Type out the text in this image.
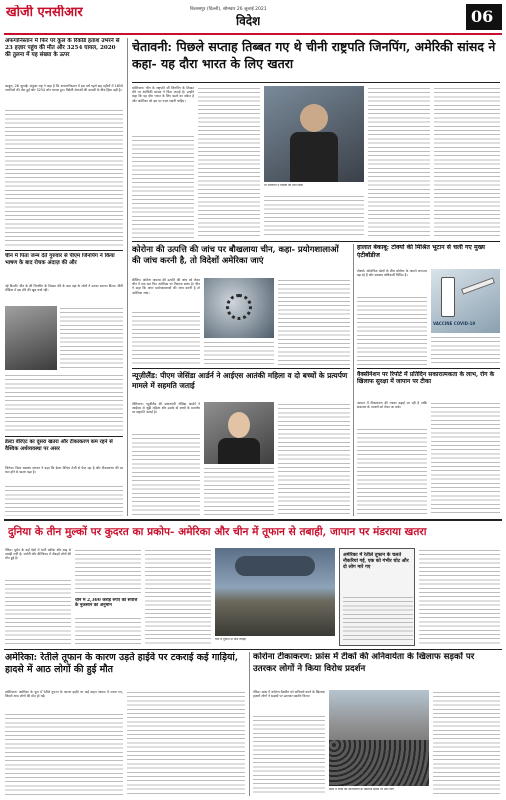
खोजी एनसीआर	बिलासपुर (दिल्ली), सोमवार 26 जुलाई 2021
विदेश	06
अफगानिस्तान में फिर पर कुल के रिकॉर्ड हताश उभरने से 23 हज़ार पहुंच की मौत और 3254 घायल, 2020 की तुलना में यह संख्या के ऊपर
काबुल, 26 जुलाई। संयुक्त राष्ट्र ने कहा है कि अफगानिस्तान में इस वर्ष पहले छह महीनों में 1659 नागरिकों की मौत हुई और 3254 लोग घायल हुए। विदेशी सेनाओं की वापसी के बीच हिंसा बढ़ी है।
चीन में पिता जन्म देते गुरुवार से पीएम जिनपिंग ने किया भाषण के बाद रोचक अंदाज़ की और
नई दिल्ली। चीन के शी जिनपिंग के तिब्बत दौरे के बाद वहां के लोगों ने उनका स्वागत किया। चीनी मीडिया में इस दौरे की खूब चर्चा रही।
डेल्टा वेरिएंट का दूसरा खतरा और टीकाकरण कम रहने से वैश्विक अर्थव्यवस्था पर असर
जिनेवा। विश्व स्वास्थ्य संगठन ने कहा कि डेल्टा वेरिएंट तेज़ी से फैल रहा है और टीकाकरण की दर कम होने से खतरा बढ़ा है।
चेतावनी: पिछले सप्ताह तिब्बत गए थे चीनी राष्ट्रपति जिनपिंग, अमेरिकी सांसद ने कहा- यह दौरा भारत के लिए खतरा
वाशिंगटन। चीन के राष्ट्रपति शी जिनपिंग के तिब्बत दौरे पर अमेरिकी सांसद ने चिंता जताई है। उन्होंने कहा कि यह दौरा भारत के लिए खतरे का संकेत है और अमेरिका को इस पर नज़र रखनी चाहिए।
शी जिनपिंग ने तिब्बत का दौरा किया
कोरोना की उत्पत्ति की जांच पर बौखलाया चीन, कहा- प्रयोगशालाओं की जांच करनी है, तो विदेशों अमेरिका जाएं
बीजिंग। कोरोना वायरस की उत्पत्ति की जांच को लेकर चीन ने एक बार फिर अमेरिका पर निशाना साधा है। चीन ने कहा कि अगर प्रयोगशालाओं की जांच करनी है तो अमेरिका जाएं।
हालात बेकाबू: टोक्यो की मिश्रित भूटान से चली गए मुख्य एंटीबॉडीज
टोक्यो। ओलंपिक खेलों के बीच कोरोना के मामले लगातार बढ़ रहे हैं और स्वास्थ्य अधिकारी चिंतित हैं।
VACCINE COVID-19
न्यूज़ीलैंड: पीएम जेसिंडा आर्डर्न ने आईएस आतंकी महिला व दो बच्चों के प्रत्यर्पण मामले में सहमति जताई
वेलिंगटन। न्यूज़ीलैंड की प्रधानमंत्री जेसिंडा आर्डर्न ने आईएस से जुड़ी महिला और उसके दो बच्चों के प्रत्यर्पण पर सहमति जताई है।
वैक्सीनेशन पर रिपोर्ट में प्रतिदिन सकारात्मकता के लाभ, रोग के खिलाफ सुरक्षा में जापान पर टीका
जापान में टीकाकरण की रफ्तार बढ़ाई जा रही है ताकि संक्रमण के मामलों को रोका जा सके।
दुनिया के तीन मुल्कों पर कुदरत का प्रकोप- अमेरिका और चीन में तूफान से तबाही, जापान पर मंडराया खतरा
पैरिस। यूरोप के कई देशों में भारी बारिश और बाढ़ से तबाही मची है। जर्मनी और बेल्जियम में सैकड़ों लोगों की मौत हुई है।
चीन में 2,300 करोड़ रुपए की संपत्ति के नुकसान का अनुमान
चीन में तूफान से भारी तबाही
अमेरिका में रेतीले तूफान के चलते नौकरियां गई, एक को गंभीर चोट और दो लोग मारे गए
अमेरिका: रेतीले तूफान के कारण उड़ते हाईवे पर टकराई कई गाड़ियां, हादसे में आठ लोगों की हुई मौत
वाशिंगटन। अमेरिका के यूटा में रेतीले तूफान के कारण हाईवे पर कई वाहन आपस में टकरा गए, जिसमें आठ लोगों की मौत हो गई।
कोरोना टीकाकरण: फ्रांस में टीकों की अनिवार्यता के खिलाफ सड़कों पर उतरकर लोगों ने किया विरोध प्रदर्शन
पेरिस। फ्रांस में कोरोना वैक्सीन को अनिवार्य करने के खिलाफ हज़ारों लोगों ने सड़कों पर उतरकर प्रदर्शन किया।
फ्रांस में टीकों की अनिवार्यता के खिलाफ सड़क पर उतरे लोग
